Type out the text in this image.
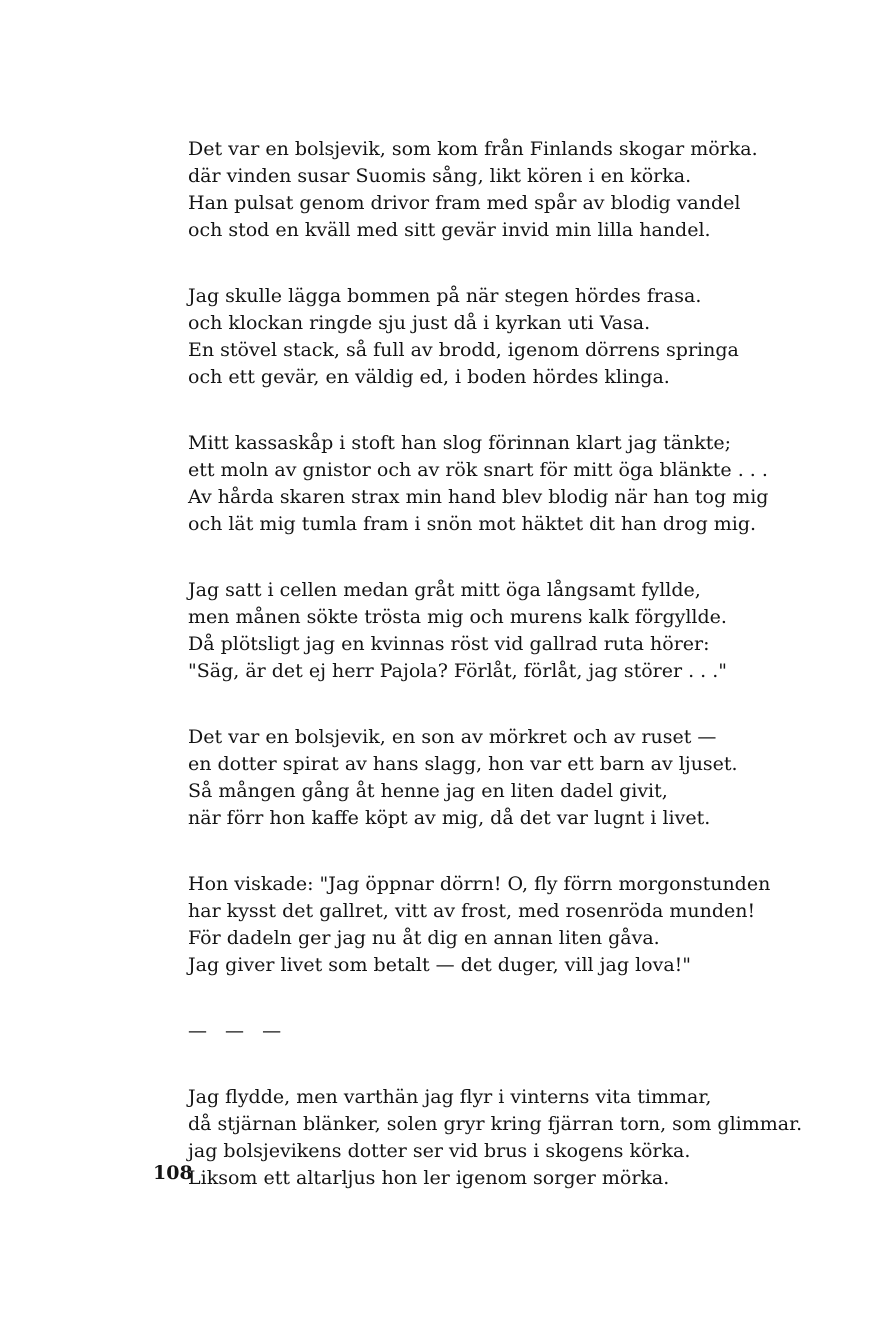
Det var en bolsjevik, som kom från Finlands skogar mörka.
där vinden susar Suomis sång, likt kören i en körka.
Han pulsat genom drivor fram med spår av blodig vandel
och stod en kväll med sitt gevär invid min lilla handel.
Jag skulle lägga bommen på när stegen hördes frasa.
och klockan ringde sju just då i kyrkan uti Vasa.
En stövel stack, så full av brodd, igenom dörrens springa
och ett gevär, en väldig ed, i boden hördes klinga.
Mitt kassaskåp i stoft han slog förinnan klart jag tänkte;
ett moln av gnistor och av rök snart för mitt öga blänkte . . .
Av hårda skaren strax min hand blev blodig när han tog mig
och lät mig tumla fram i snön mot häktet dit han drog mig.
Jag satt i cellen medan gråt mitt öga långsamt fyllde,
men månen sökte trösta mig och murens kalk förgyllde.
Då plötsligt jag en kvinnas röst vid gallrad ruta hörer:
"Säg, är det ej herr Pajola? Förlåt, förlåt, jag störer . . ."
Det var en bolsjevik, en son av mörkret och av ruset —
en dotter spirat av hans slagg, hon var ett barn av ljuset.
Så mången gång åt henne jag en liten dadel givit,
när förr hon kaffe köpt av mig, då det var lugnt i livet.
Hon viskade: "Jag öppnar dörrn! O, fly förrn morgonstunden
har kysst det gallret, vitt av frost, med rosenröda munden!
För dadeln ger jag nu åt dig en annan liten gåva.
Jag giver livet som betalt — det duger, vill jag lova!"
— — —
Jag flydde, men varthän jag flyr i vinterns vita timmar,
då stjärnan blänker, solen gryr kring fjärran torn, som glimmar.
jag bolsjevikens dotter ser vid brus i skogens körka.
Liksom ett altarljus hon ler igenom sorger mörka.
108
